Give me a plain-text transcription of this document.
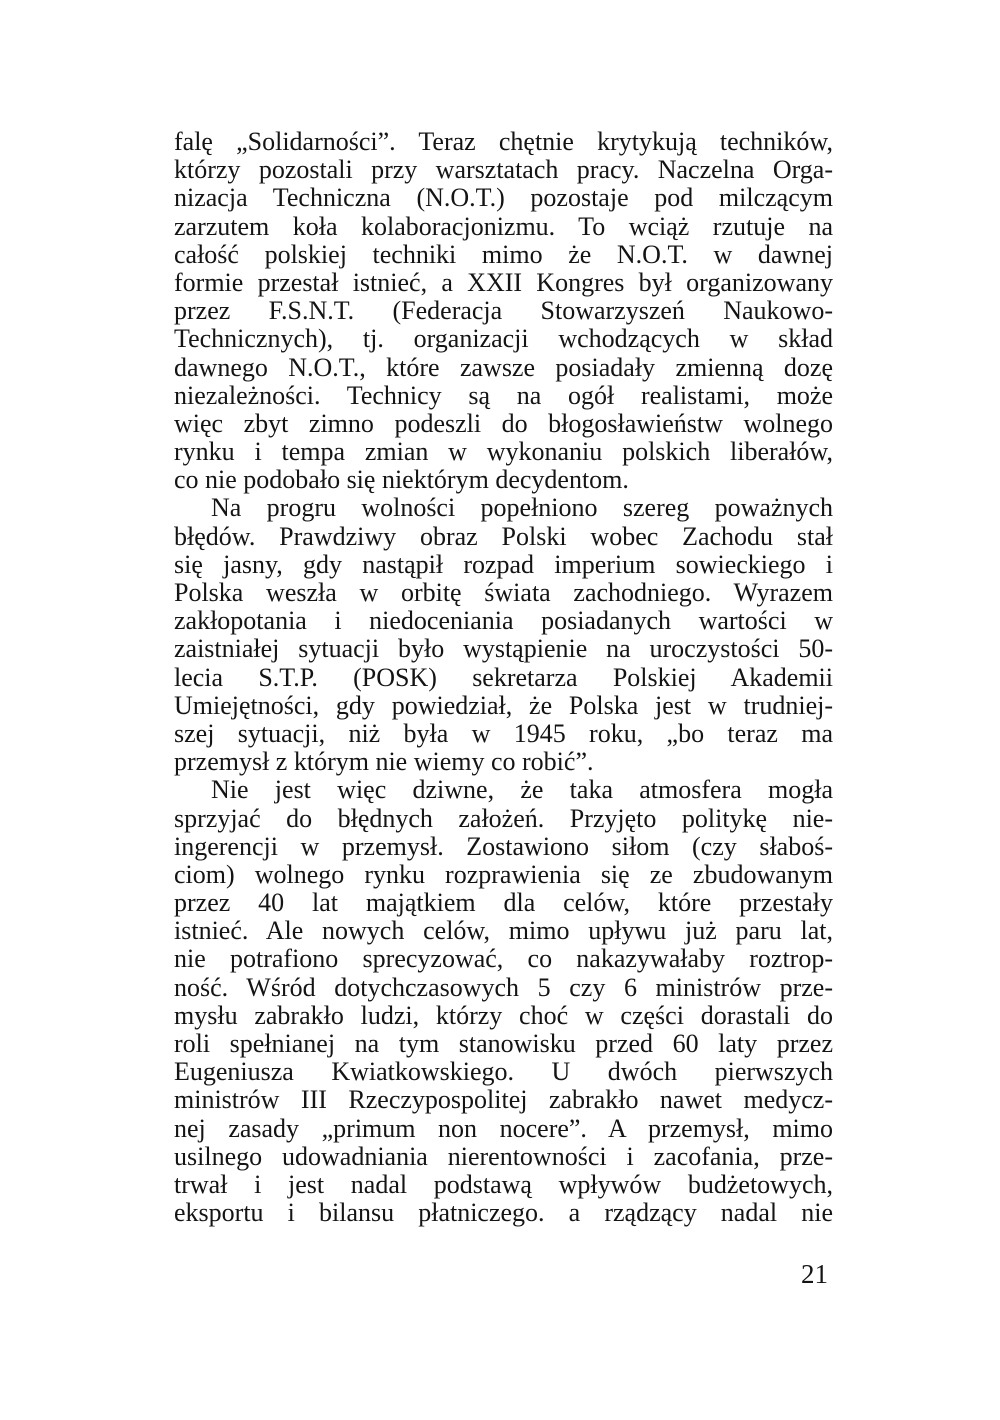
falę „Solidarności”. Teraz chętnie krytykują techników,
którzy pozostali przy warsztatach pracy. Naczelna Orga-
nizacja Techniczna (N.O.T.) pozostaje pod milczącym
zarzutem koła kolaboracjonizmu. To wciąż rzutuje na
całość polskiej techniki mimo że N.O.T. w dawnej
formie przestał istnieć, a XXII Kongres był organizowany
przez F.S.N.T. (Federacja Stowarzyszeń Naukowo-
Technicznych), tj. organizacji wchodzących w skład
dawnego N.O.T., które zawsze posiadały zmienną dozę
niezależności. Technicy są na ogół realistami, może
więc zbyt zimno podeszli do błogosławieństw wolnego
rynku i tempa zmian w wykonaniu polskich liberałów,
co nie podobało się niektórym decydentom.
Na progru wolności popełniono szereg poważnych
błędów. Prawdziwy obraz Polski wobec Zachodu stał
się jasny, gdy nastąpił rozpad imperium sowieckiego i
Polska weszła w orbitę świata zachodniego. Wyrazem
zakłopotania i niedoceniania posiadanych wartości w
zaistniałej sytuacji było wystąpienie na uroczystości 50-
lecia S.T.P. (POSK) sekretarza Polskiej Akademii
Umiejętności, gdy powiedział, że Polska jest w trudniej-
szej sytuacji, niż była w 1945 roku, „bo teraz ma
przemysł z którym nie wiemy co robić”.
Nie jest więc dziwne, że taka atmosfera mogła
sprzyjać do błędnych założeń. Przyjęto politykę nie-
ingerencji w przemysł. Zostawiono siłom (czy słaboś-
ciom) wolnego rynku rozprawienia się ze zbudowanym
przez 40 lat majątkiem dla celów, które przestały
istnieć. Ale nowych celów, mimo upływu już paru lat,
nie potrafiono sprecyzować, co nakazywałaby roztrop-
ność. Wśród dotychczasowych 5 czy 6 ministrów prze-
mysłu zabrakło ludzi, którzy choć w części dorastali do
roli spełnianej na tym stanowisku przed 60 laty przez
Eugeniusza Kwiatkowskiego. U dwóch pierwszych
ministrów III Rzeczypospolitej zabrakło nawet medycz-
nej zasady „primum non nocere”. A przemysł, mimo
usilnego udowadniania nierentowności i zacofania, prze-
trwał i jest nadal podstawą wpływów budżetowych,
eksportu i bilansu płatniczego. a rządzący nadal nie
21
